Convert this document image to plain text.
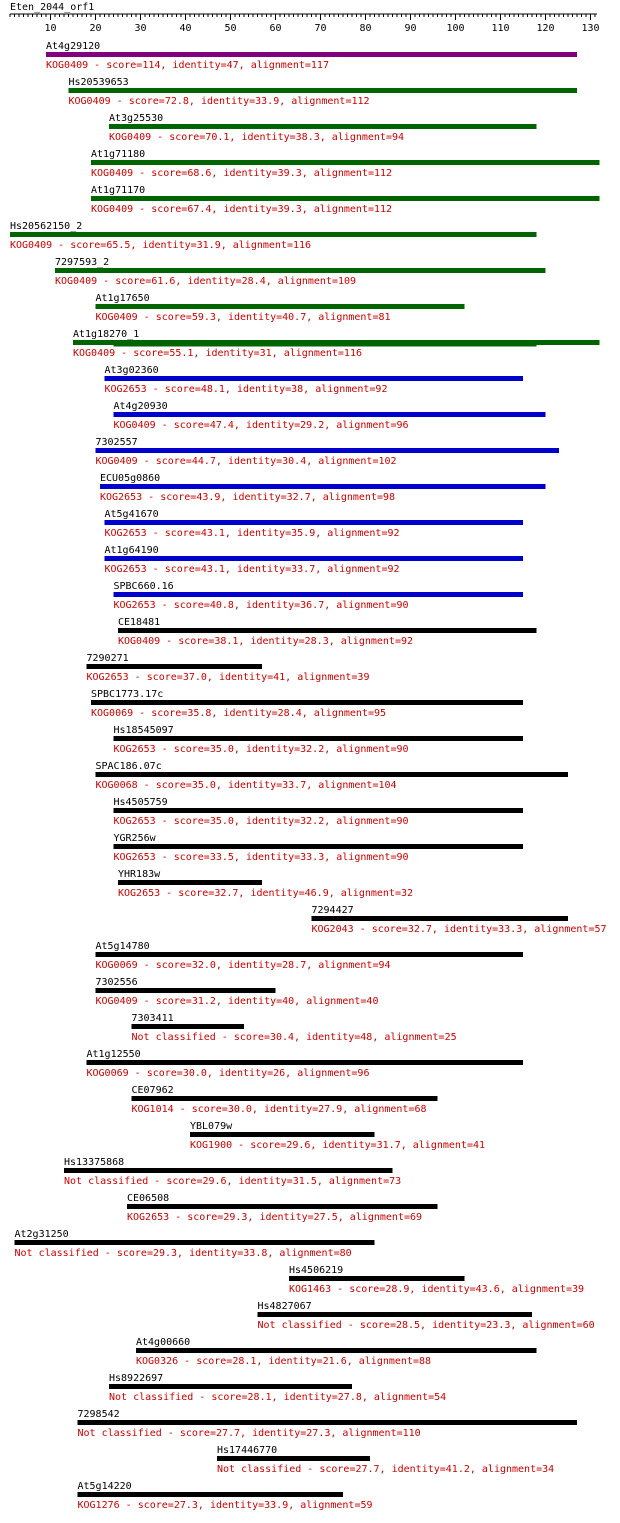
Eten_2044_orf1
10	20	30	40	50	60	70	80	90	100	110	120	130
At4g29120
KOG0409 - score=114, identity=47, alignment=117
Hs20539653
KOG0409 - score=72.8, identity=33.9, alignment=112
At3g25530
KOG0409 - score=70.1, identity=38.3, alignment=94
At1g71180
KOG0409 - score=68.6, identity=39.3, alignment=112
At1g71170
KOG0409 - score=67.4, identity=39.3, alignment=112
Hs20562150_2
KOG0409 - score=65.5, identity=31.9, alignment=116
7297593_2
KOG0409 - score=61.6, identity=28.4, alignment=109
At1g17650
KOG0409 - score=59.3, identity=40.7, alignment=81
At1g18270_1
KOG0409 - score=55.1, identity=31, alignment=116
At3g02360
KOG2653 - score=48.1, identity=38, alignment=92
At4g20930
KOG0409 - score=47.4, identity=29.2, alignment=96
7302557
KOG0409 - score=44.7, identity=30.4, alignment=102
ECU05g0860
KOG2653 - score=43.9, identity=32.7, alignment=98
At5g41670
KOG2653 - score=43.1, identity=35.9, alignment=92
At1g64190
KOG2653 - score=43.1, identity=33.7, alignment=92
SPBC660.16
KOG2653 - score=40.8, identity=36.7, alignment=90
CE18481
KOG0409 - score=38.1, identity=28.3, alignment=92
7290271
KOG2653 - score=37.0, identity=41, alignment=39
SPBC1773.17c
KOG0069 - score=35.8, identity=28.4, alignment=95
Hs18545097
KOG2653 - score=35.0, identity=32.2, alignment=90
SPAC186.07c
KOG0068 - score=35.0, identity=33.7, alignment=104
Hs4505759
KOG2653 - score=35.0, identity=32.2, alignment=90
YGR256w
KOG2653 - score=33.5, identity=33.3, alignment=90
YHR183w
KOG2653 - score=32.7, identity=46.9, alignment=32
7294427
KOG2043 - score=32.7, identity=33.3, alignment=57
At5g14780
KOG0069 - score=32.0, identity=28.7, alignment=94
7302556
KOG0409 - score=31.2, identity=40, alignment=40
7303411
Not classified - score=30.4, identity=48, alignment=25
At1g12550
KOG0069 - score=30.0, identity=26, alignment=96
CE07962
KOG1014 - score=30.0, identity=27.9, alignment=68
YBL079w
KOG1900 - score=29.6, identity=31.7, alignment=41
Hs13375868
Not classified - score=29.6, identity=31.5, alignment=73
CE06508
KOG2653 - score=29.3, identity=27.5, alignment=69
At2g31250
Not classified - score=29.3, identity=33.8, alignment=80
Hs4506219
KOG1463 - score=28.9, identity=43.6, alignment=39
Hs4827067
Not classified - score=28.5, identity=23.3, alignment=60
At4g00660
KOG0326 - score=28.1, identity=21.6, alignment=88
Hs8922697
Not classified - score=28.1, identity=27.8, alignment=54
7298542
Not classified - score=27.7, identity=27.3, alignment=110
Hs17446770
Not classified - score=27.7, identity=41.2, alignment=34
At5g14220
KOG1276 - score=27.3, identity=33.9, alignment=59
